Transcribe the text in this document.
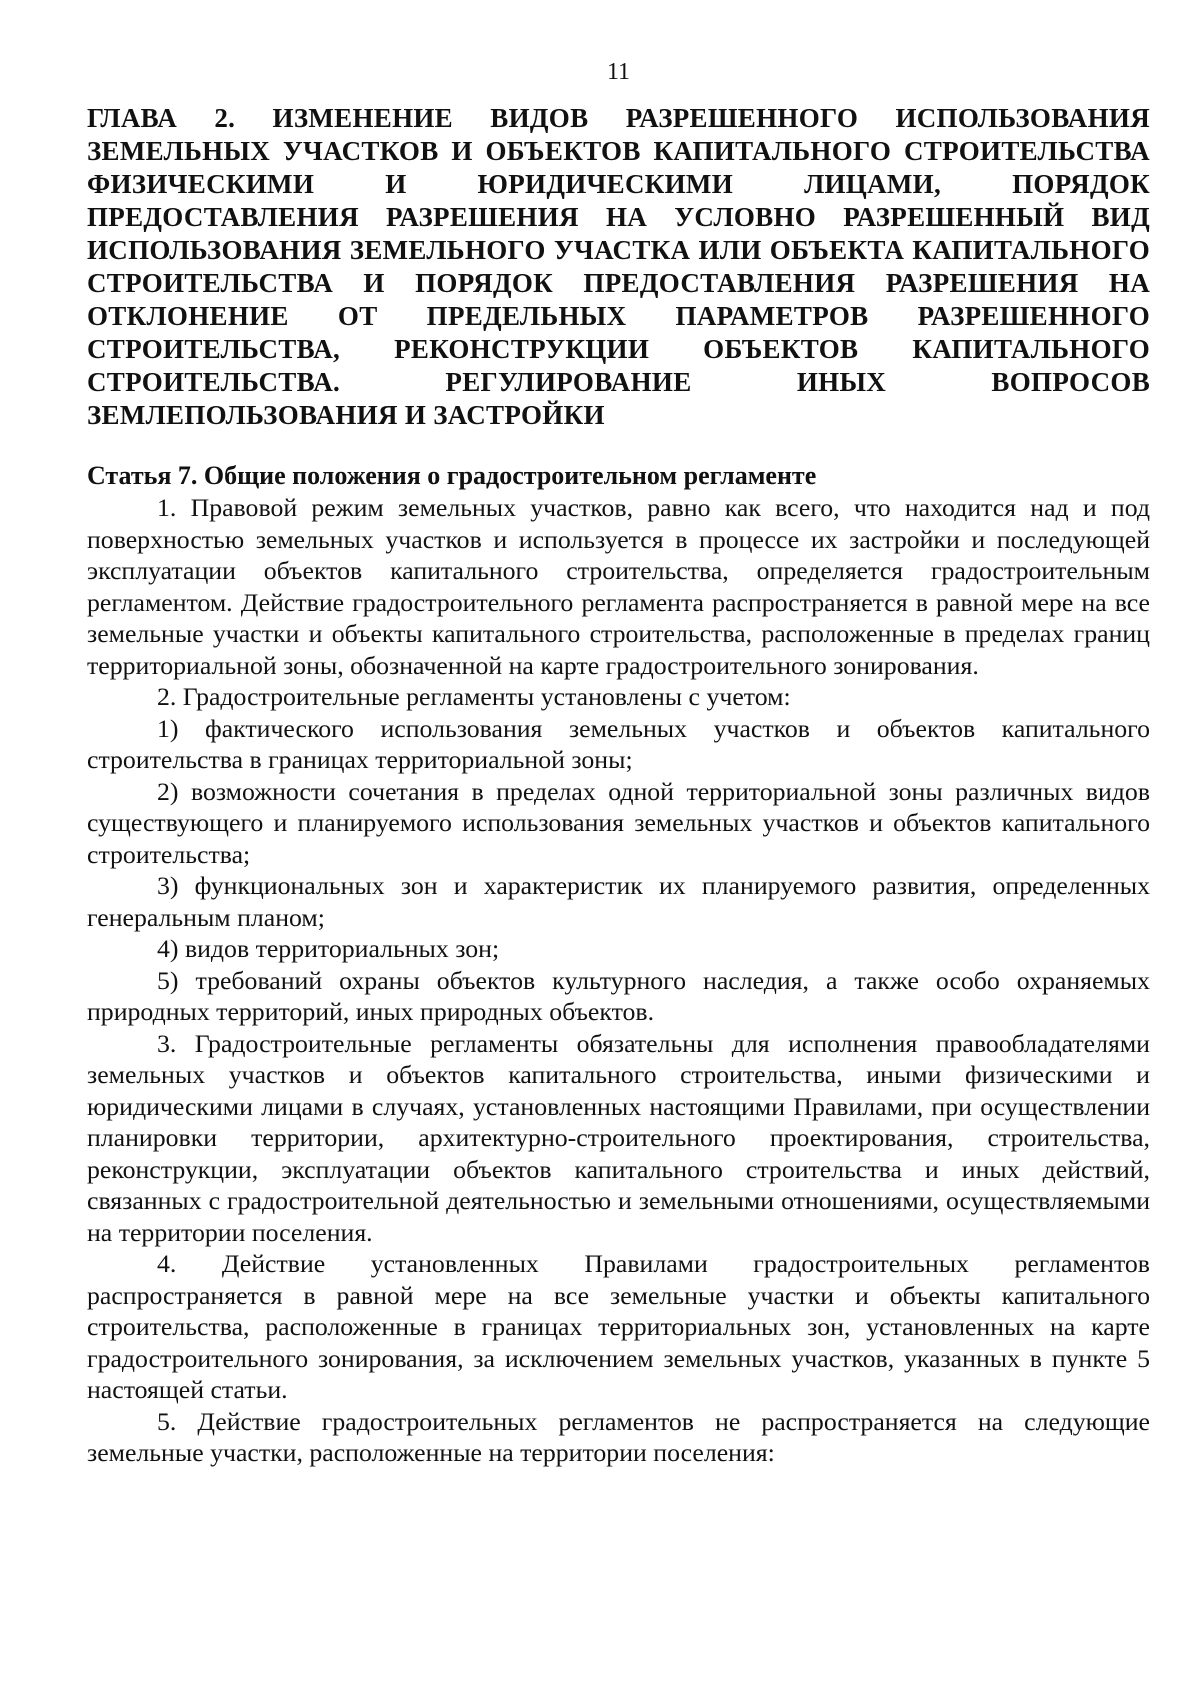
11
ГЛАВА 2. ИЗМЕНЕНИЕ ВИДОВ РАЗРЕШЕННОГО ИСПОЛЬЗОВАНИЯ ЗЕМЕЛЬНЫХ УЧАСТКОВ И ОБЪЕКТОВ КАПИТАЛЬНОГО СТРОИТЕЛЬСТВА ФИЗИЧЕСКИМИ И ЮРИДИЧЕСКИМИ ЛИЦАМИ, ПОРЯДОК ПРЕДОСТАВЛЕНИЯ РАЗРЕШЕНИЯ НА УСЛОВНО РАЗРЕШЕННЫЙ ВИД ИСПОЛЬЗОВАНИЯ ЗЕМЕЛЬНОГО УЧАСТКА ИЛИ ОБЪЕКТА КАПИТАЛЬНОГО СТРОИТЕЛЬСТВА И ПОРЯДОК ПРЕДОСТАВЛЕНИЯ РАЗРЕШЕНИЯ НА ОТКЛОНЕНИЕ ОТ ПРЕДЕЛЬНЫХ ПАРАМЕТРОВ РАЗРЕШЕННОГО СТРОИТЕЛЬСТВА, РЕКОНСТРУКЦИИ ОБЪЕКТОВ КАПИТАЛЬНОГО СТРОИТЕЛЬСТВА. РЕГУЛИРОВАНИЕ ИНЫХ ВОПРОСОВ ЗЕМЛЕПОЛЬЗОВАНИЯ И ЗАСТРОЙКИ
Статья 7. Общие положения о градостроительном регламенте

1. Правовой режим земельных участков, равно как всего, что находится над и под поверхностью земельных участков и используется в процессе их застройки и последующей эксплуатации объектов капитального строительства, определяется градостроительным регламентом. Действие градостроительного регламента распространяется в равной мере на все земельные участки и объекты капитального строительства, расположенные в пределах границ территориальной зоны, обозначенной на карте градостроительного зонирования.

2. Градостроительные регламенты установлены с учетом:

1) фактического использования земельных участков и объектов капитального строительства в границах территориальной зоны;

2) возможности сочетания в пределах одной территориальной зоны различных видов существующего и планируемого использования земельных участков и объектов капитального строительства;

3) функциональных зон и характеристик их планируемого развития, определенных генеральным планом;

4) видов территориальных зон;

5) требований охраны объектов культурного наследия, а также особо охраняемых природных территорий, иных природных объектов.

3. Градостроительные регламенты обязательны для исполнения правообладателями земельных участков и объектов капитального строительства, иными физическими и юридическими лицами в случаях, установленных настоящими Правилами, при осуществлении планировки территории, архитектурно-строительного проектирования, строительства, реконструкции, эксплуатации объектов капитального строительства и иных действий, связанных с градостроительной деятельностью и земельными отношениями, осуществляемыми на территории поселения.

4. Действие установленных Правилами градостроительных регламентов распространяется в равной мере на все земельные участки и объекты капитального строительства, расположенные в границах территориальных зон, установленных на карте градостроительного зонирования, за исключением земельных участков, указанных в пункте 5 настоящей статьи.

5. Действие градостроительных регламентов не распространяется на следующие земельные участки, расположенные на территории поселения:
